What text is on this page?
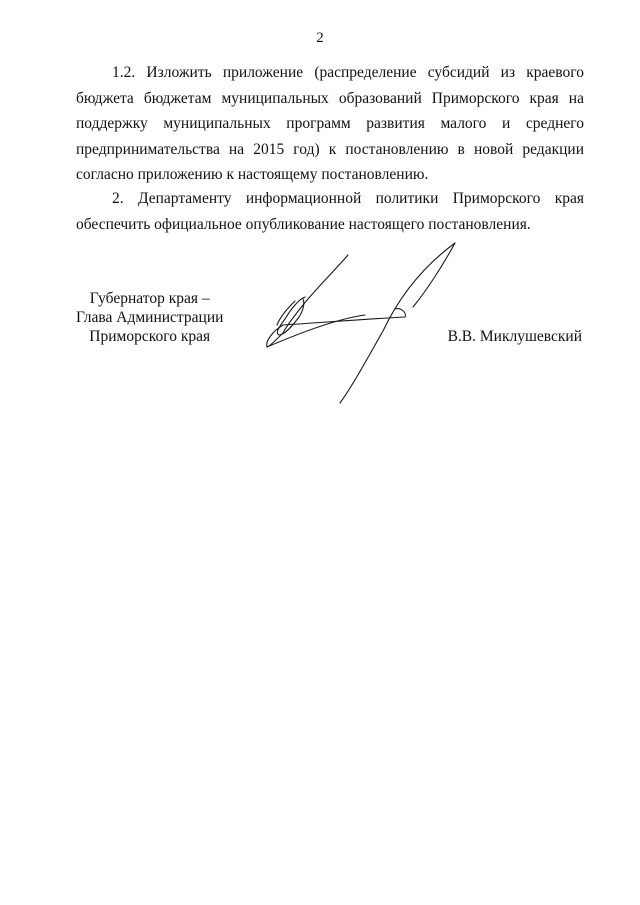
2

1.2. Изложить приложение (распределение субсидий из краевого бюджета бюджетам муниципальных образований Приморского края на поддержку муниципальных программ развития малого и среднего предпринимательства на 2015 год) к постановлению в новой редакции согласно приложению к настоящему постановлению.

2. Департаменту информационной политики Приморского края обеспечить официальное опубликование настоящего постановления.

Губернатор края –
Глава Администрации
Приморского края	В.В. Миклушевский
